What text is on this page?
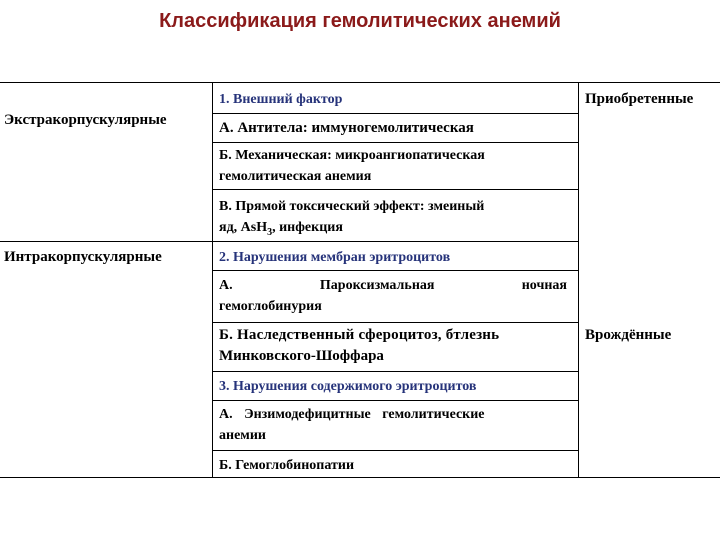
Классификация гемолитических анемий
Экстракорпускулярные
Интракорпускулярные
Приобретенные
Врождённые
1. Внешний фактор
А. Антитела: иммуногемолитическая
Б. Механическая: микроангиопатическая
гемолитическая анемия
В. Прямой токсический эффект: змеиный
яд, AsH$_3$, инфекция
2. Нарушения мембран эритроцитов
А.	Пароксизмальная	ночная
гемоглобинурия
Б. Наследственный сфероцитоз, бтлезнь
Минковского-Шоффара
3. Нарушения содержимого эритроцитов
А. Энзимодефицитные гемолитические
анемии
Б. Гемоглобинопатии
